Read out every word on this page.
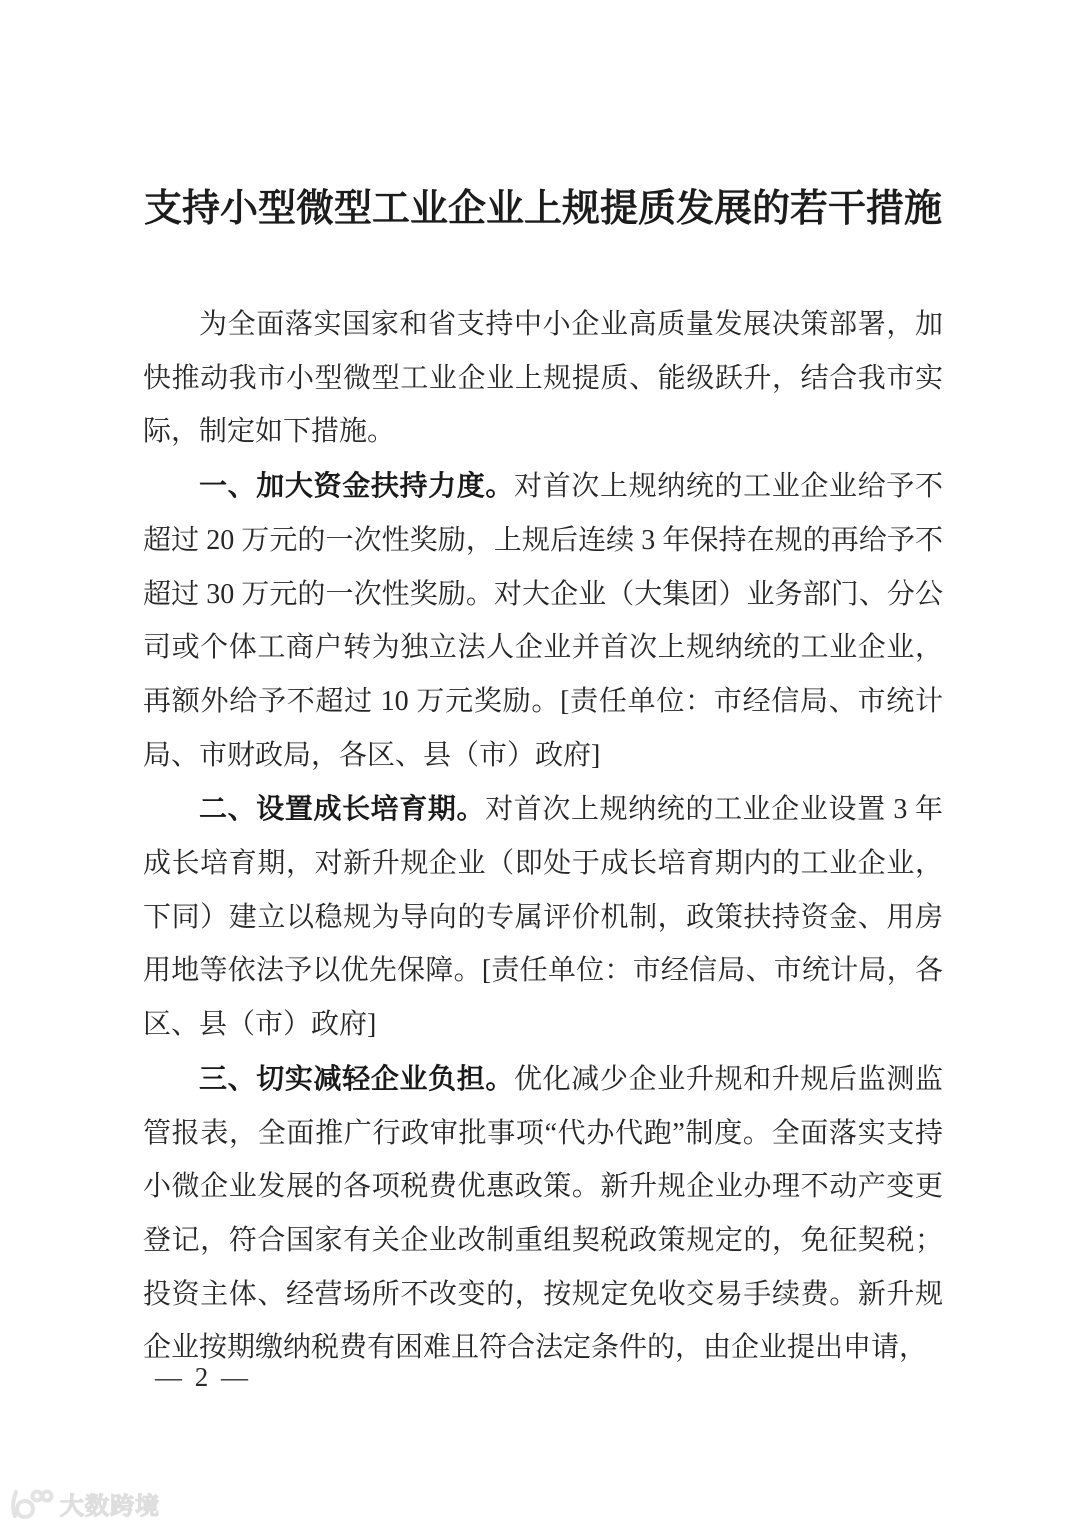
支持小型微型工业企业上规提质发展的若干措施

为全面落实国家和省支持中小企业高质量发展决策部署，加快推动我市小型微型工业企业上规提质、能级跃升，结合我市实际，制定如下措施。

一、加大资金扶持力度。对首次上规纳统的工业企业给予不超过 20 万元的一次性奖励，上规后连续 3 年保持在规的再给予不超过 30 万元的一次性奖励。对大企业（大集团）业务部门、分公司或个体工商户转为独立法人企业并首次上规纳统的工业企业，再额外给予不超过 10 万元奖励。[责任单位：市经信局、市统计局、市财政局，各区、县（市）政府]

二、设置成长培育期。对首次上规纳统的工业企业设置 3 年成长培育期，对新升规企业（即处于成长培育期内的工业企业，下同）建立以稳规为导向的专属评价机制，政策扶持资金、用房用地等依法予以优先保障。[责任单位：市经信局、市统计局，各区、县（市）政府]

三、切实减轻企业负担。优化减少企业升规和升规后监测监管报表，全面推广行政审批事项“代办代跑”制度。全面落实支持小微企业发展的各项税费优惠政策。新升规企业办理不动产变更登记，符合国家有关企业改制重组契税政策规定的，免征契税；投资主体、经营场所不改变的，按规定免收交易手续费。新升规企业按期缴纳税费有困难且符合法定条件的，由企业提出申请，

— 2 —
大数跨境
